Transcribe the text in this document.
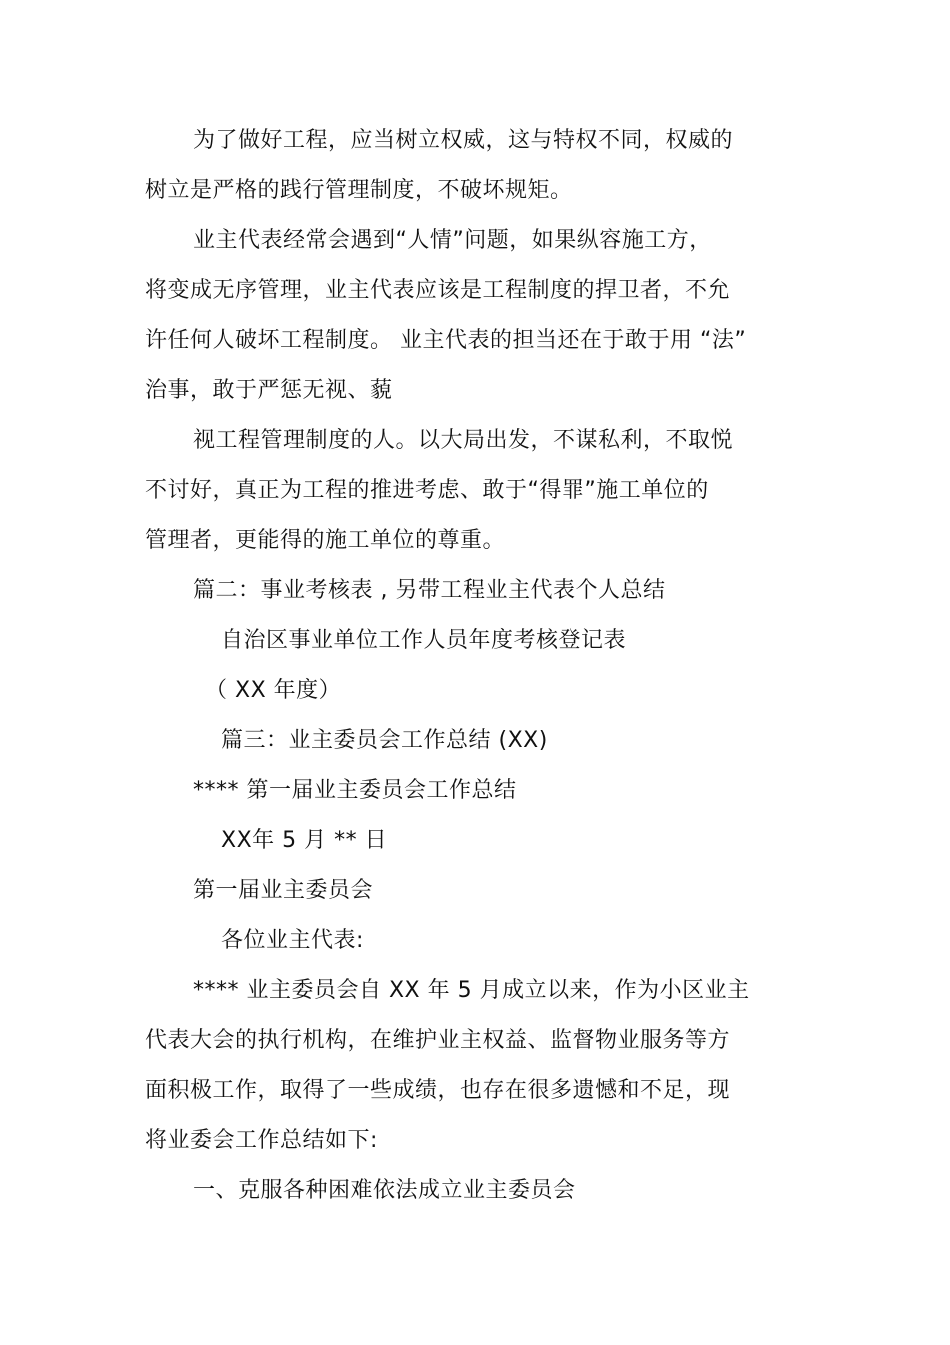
为了做好工程，应当树立权威，这与特权不同，权威的
树立是严格的践行管理制度，不破坏规矩。
业主代表经常会遇到“人情”问题，如果纵容施工方，
将变成无序管理，业主代表应该是工程制度的捍卫者，不允
许任何人破坏工程制度。 业主代表的担当还在于敢于用 “法”
治事，敢于严惩无视、藐
视工程管理制度的人。以大局出发，不谋私利，不取悦
不讨好，真正为工程的推进考虑、敢于“得罪”施工单位的
管理者，更能得的施工单位的尊重。
篇二：事业考核表 , 另带工程业主代表个人总结
自治区事业单位工作人员年度考核登记表
（ XX 年度）
篇三：业主委员会工作总结 (XX)
**** 第一届业主委员会工作总结
XX年 5 月 ** 日
第一届业主委员会
各位业主代表:
**** 业主委员会自 XX 年 5 月成立以来，作为小区业主
代表大会的执行机构，在维护业主权益、监督物业服务等方
面积极工作，取得了一些成绩，也存在很多遗憾和不足，现
将业委会工作总结如下:
一、克服各种困难依法成立业主委员会
